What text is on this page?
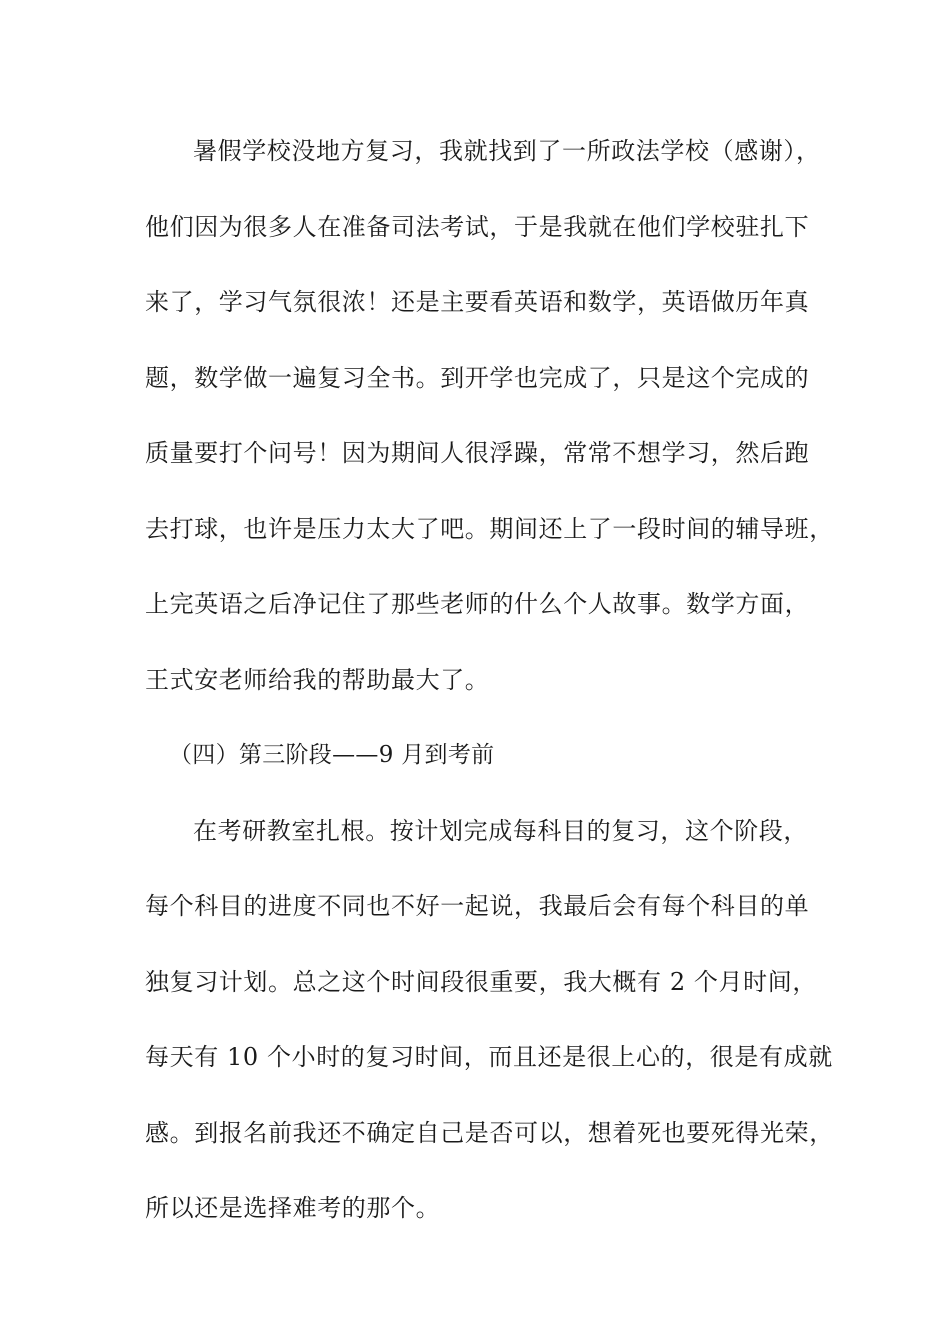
暑假学校没地方复习，我就找到了一所政法学校（感谢），
他们因为很多人在准备司法考试，于是我就在他们学校驻扎下
来了，学习气氛很浓！还是主要看英语和数学，英语做历年真
题，数学做一遍复习全书。到开学也完成了，只是这个完成的
质量要打个问号！因为期间人很浮躁，常常不想学习，然后跑
去打球，也许是压力太大了吧。期间还上了一段时间的辅导班，
上完英语之后净记住了那些老师的什么个人故事。数学方面，
王式安老师给我的帮助最大了。
（四）第三阶段——9 月到考前
在考研教室扎根。按计划完成每科目的复习，这个阶段，
每个科目的进度不同也不好一起说，我最后会有每个科目的单
独复习计划。总之这个时间段很重要，我大概有 2 个月时间，
每天有 10 个小时的复习时间，而且还是很上心的，很是有成就
感。到报名前我还不确定自己是否可以，想着死也要死得光荣，
所以还是选择难考的那个。
